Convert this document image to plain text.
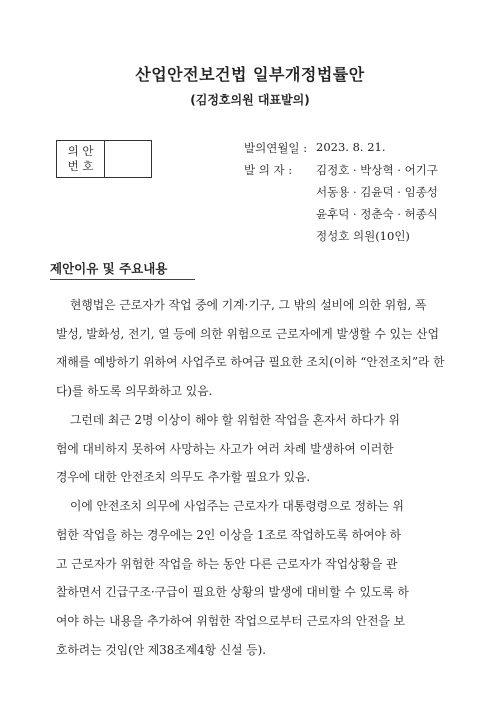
산업안전보건법 일부개정법률안
(김정호의원 대표발의)
의 안
번 호
발의연월일 : 2023. 8. 21.
발 의 자 : 김정호 · 박상혁 · 어기구
서동용 · 김윤덕 · 임종성
윤후덕 · 정춘숙 · 허종식
정성호 의원(10인)
제안이유 및 주요내용
현행법은 근로자가 작업 중에 기계·기구, 그 밖의 설비에 의한 위험, 폭
발성, 발화성, 전기, 열 등에 의한 위험으로 근로자에게 발생할 수 있는 산업
재해를 예방하기 위하여 사업주로 하여금 필요한 조치(이하 “안전조치”라 한
다)를 하도록 의무화하고 있음.
그런데 최근 2명 이상이 해야 할 위험한 작업을 혼자서 하다가 위
험에 대비하지 못하여 사망하는 사고가 여러 차례 발생하여 이러한
경우에 대한 안전조치 의무도 추가할 필요가 있음.
이에 안전조치 의무에 사업주는 근로자가 대통령령으로 정하는 위
험한 작업을 하는 경우에는 2인 이상을 1조로 작업하도록 하여야 하
고 근로자가 위험한 작업을 하는 동안 다른 근로자가 작업상황을 관
찰하면서 긴급구조·구급이 필요한 상황의 발생에 대비할 수 있도록 하
여야 하는 내용을 추가하여 위험한 작업으로부터 근로자의 안전을 보
호하려는 것임(안 제38조제4항 신설 등).
